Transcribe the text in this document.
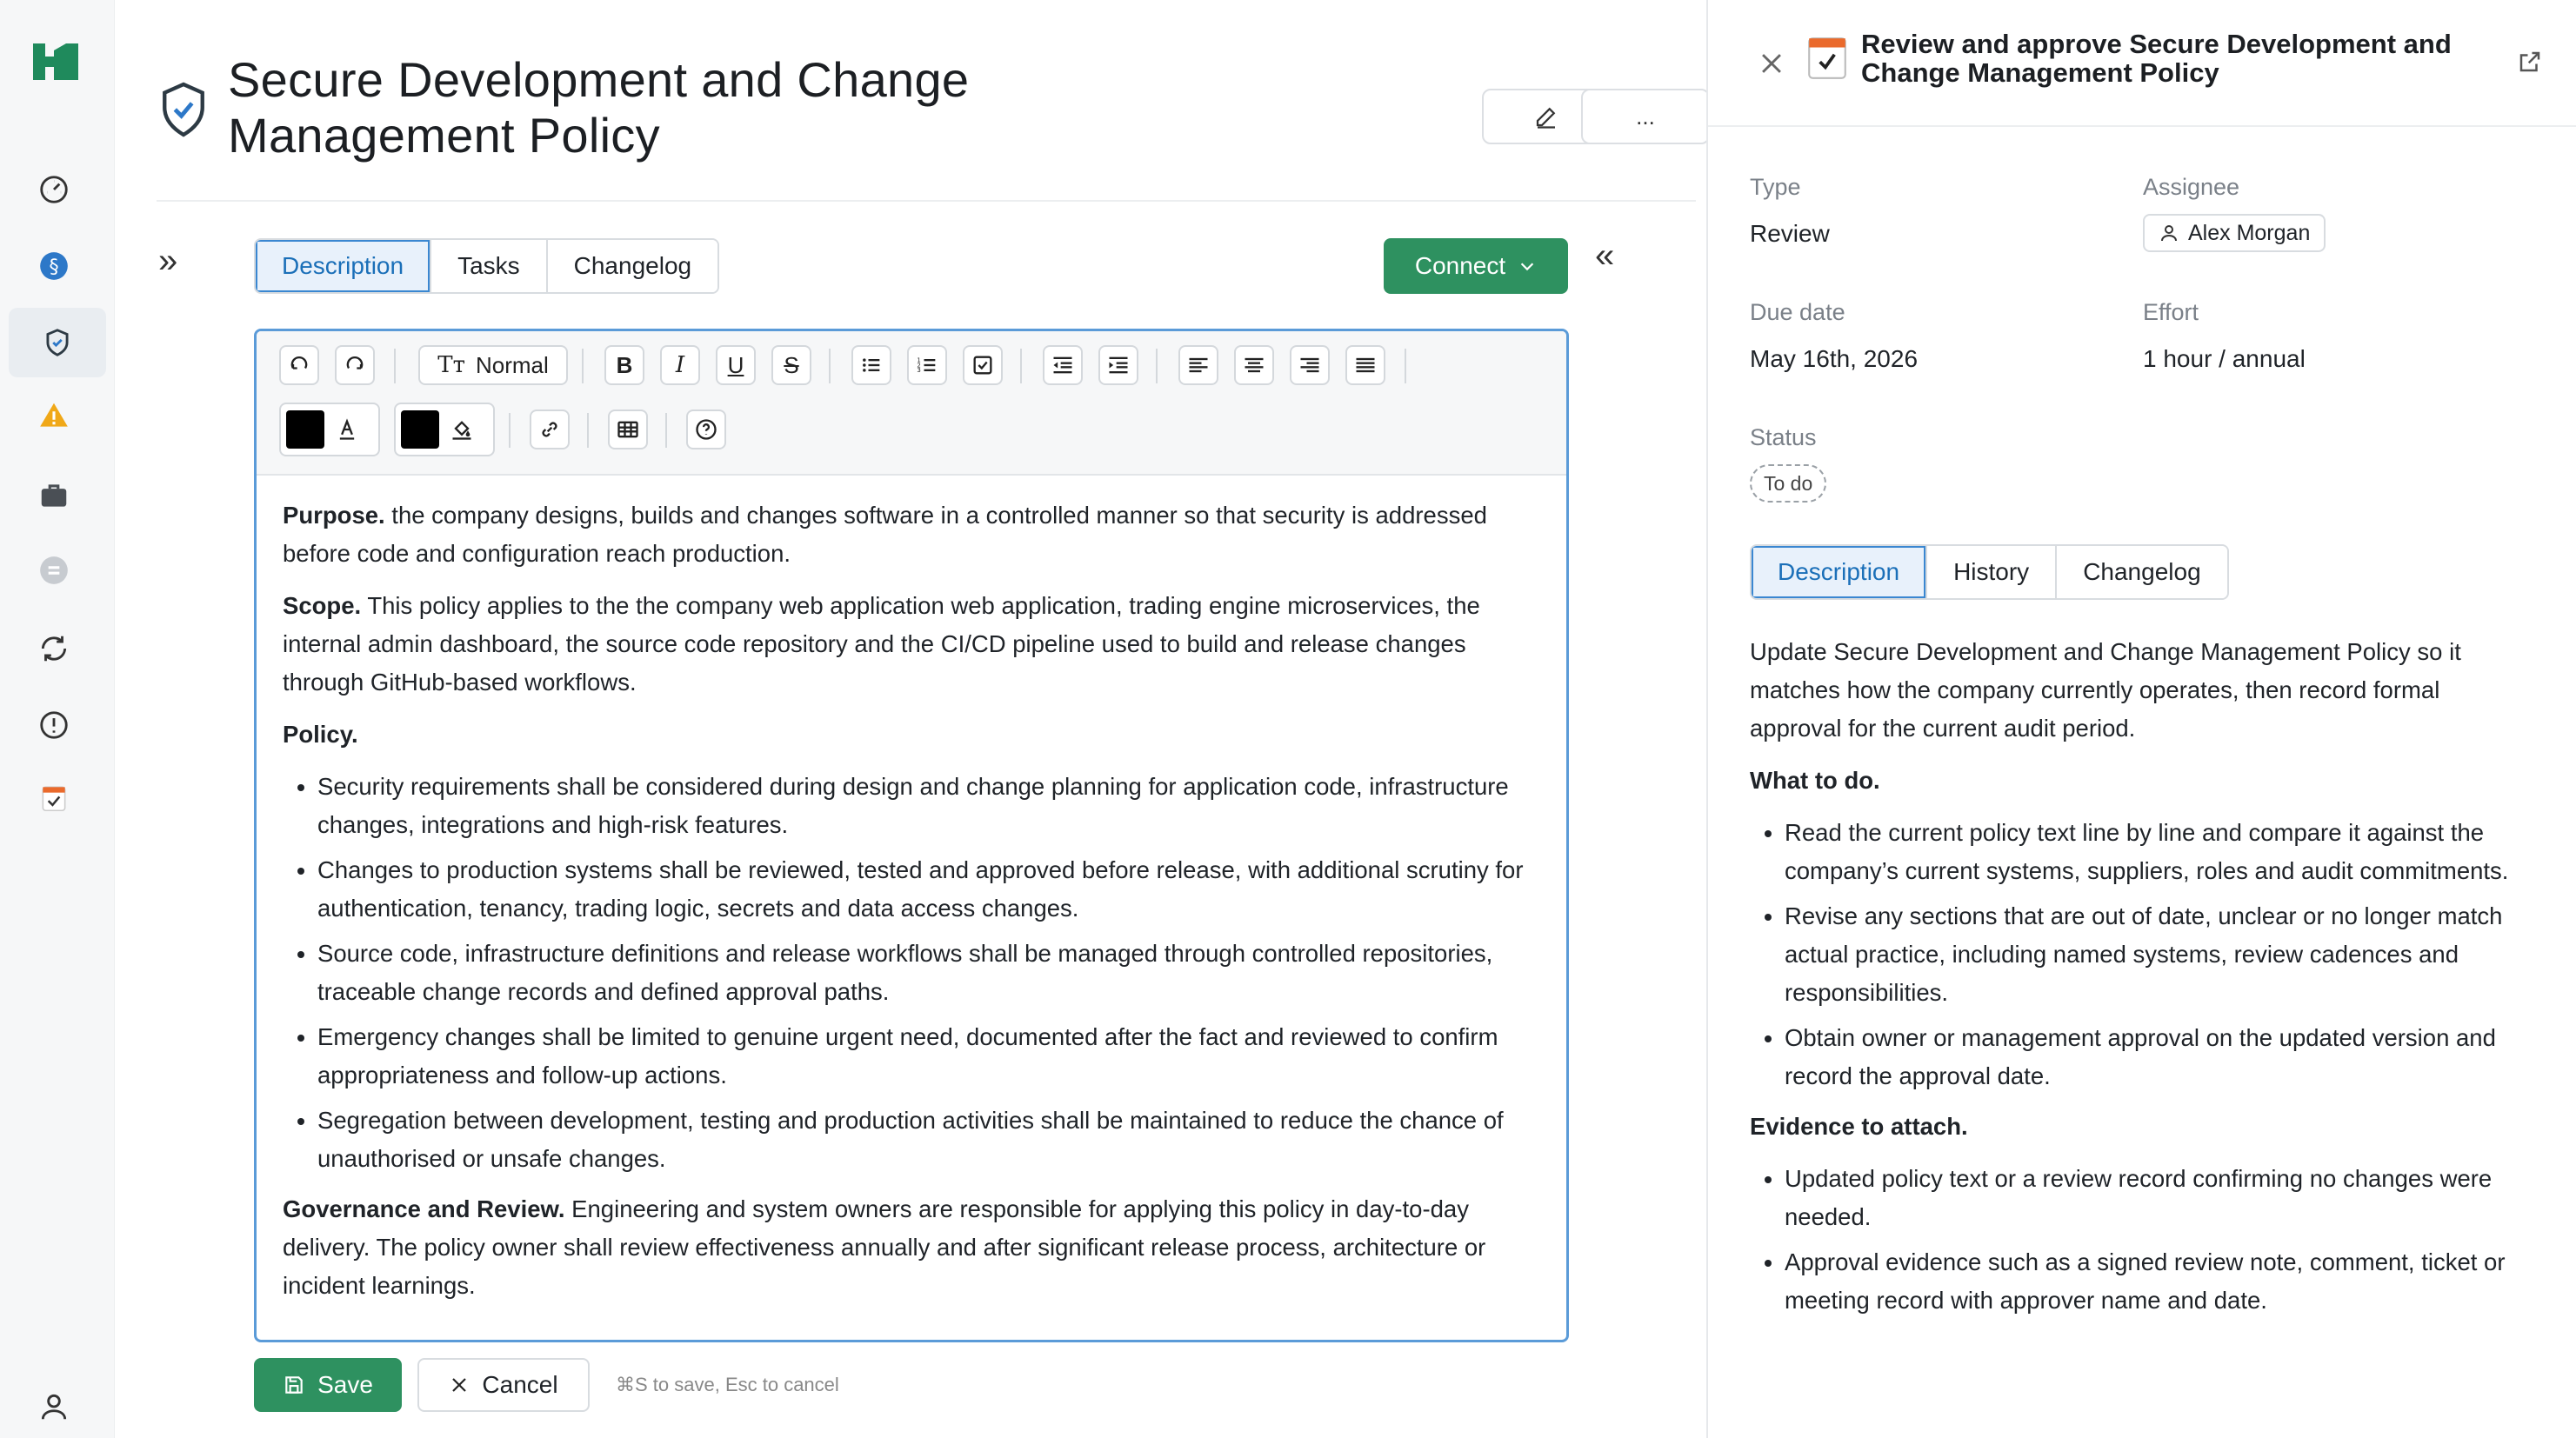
§
Secure Development and Change Management Policy	...
»	Description	Tasks	Changelog	Connect	«
Tт Normal	B I U S	1
2
3

Purpose. the company designs, builds and changes software in a controlled manner so that security is addressed before code and configuration reach production.

Scope. This policy applies to the the company web application web application, trading engine microservices, the internal admin dashboard, the source code repository and the CI/CD pipeline used to build and release changes through GitHub-based workflows.

Policy.

• Security requirements shall be considered during design and change planning for application code, infrastructure changes, integrations and high-risk features.
• Changes to production systems shall be reviewed, tested and approved before release, with additional scrutiny for authentication, tenancy, trading logic, secrets and data access changes.
• Source code, infrastructure definitions and release workflows shall be managed through controlled repositories, traceable change records and defined approval paths.
• Emergency changes shall be limited to genuine urgent need, documented after the fact and reviewed to confirm appropriateness and follow-up actions.
• Segregation between development, testing and production activities shall be maintained to reduce the chance of unauthorised or unsafe changes.

Governance and Review. Engineering and system owners are responsible for applying this policy in day-to-day delivery. The policy owner shall review effectiveness annually and after significant release process, architecture or incident learnings.

Save	Cancel	⌘S to save, Esc to cancel
Review and approve Secure Development and Change Management Policy
Type
Review
Assignee
Alex Morgan
Due date
May 16th, 2026
Effort
1 hour / annual
Status
To do
Description	History	Changelog

Update Secure Development and Change Management Policy so it matches how the company currently operates, then record formal approval for the current audit period.

What to do.

• Read the current policy text line by line and compare it against the company’s current systems, suppliers, roles and audit commitments.
• Revise any sections that are out of date, unclear or no longer match actual practice, including named systems, review cadences and responsibilities.
• Obtain owner or management approval on the updated version and record the approval date.

Evidence to attach.

• Updated policy text or a review record confirming no changes were needed.
• Approval evidence such as a signed review note, comment, ticket or meeting record with approver name and date.
